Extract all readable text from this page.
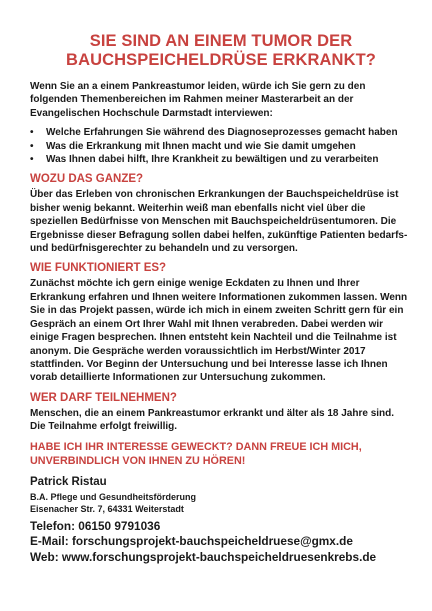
SIE SIND AN EINEM TUMOR DER
BAUCHSPEICHELDRÜSE ERKRANKT?

Wenn Sie an a einem Pankreastumor leiden, würde ich Sie gern zu den folgenden Themenbereichen im Rahmen meiner Masterarbeit an der Evangelischen Hochschule Darmstadt interviewen:

• Welche Erfahrungen Sie während des Diagnoseprozesses gemacht haben
• Was die Erkrankung mit Ihnen macht und wie Sie damit umgehen
• Was Ihnen dabei hilft, Ihre Krankheit zu bewältigen und zu verarbeiten
WOZU DAS GANZE?

Über das Erleben von chronischen Erkrankungen der Bauchspeicheldrüse ist bisher wenig bekannt. Weiterhin weiß man ebenfalls nicht viel über die speziellen Bedürfnisse von Menschen mit Bauchspeicheldrüsentumoren. Die Ergebnisse dieser Befragung sollen dabei helfen, zukünftige Patienten bedarfs- und bedürfnisgerechter zu behandeln und zu versorgen.

WIE FUNKTIONIERT ES?

Zunächst möchte ich gern einige wenige Eckdaten zu Ihnen und Ihrer Erkrankung erfahren und Ihnen weitere Informationen zukommen lassen. Wenn Sie in das Projekt passen, würde ich mich in einem zweiten Schritt gern für ein Gespräch an einem Ort Ihrer Wahl mit Ihnen verabreden. Dabei werden wir einige Fragen besprechen. Ihnen entsteht kein Nachteil und die Teilnahme ist anonym. Die Gespräche werden voraussichtlich im Herbst/Winter 2017 stattfinden. Vor Beginn der Untersuchung und bei Interesse lasse ich Ihnen vorab detaillierte Informationen zur Untersuchung zukommen.

WER DARF TEILNEHMEN?

Menschen, die an einem Pankreastumor erkrankt und älter als 18 Jahre sind. Die Teilnahme erfolgt freiwillig.

HABE ICH IHR INTERESSE GEWECKT? DANN FREUE ICH MICH, UNVERBINDLICH VON IHNEN ZU HÖREN!
Patrick Ristau
B.A. Pflege und Gesundheitsförderung
Eisenacher Str. 7, 64331 Weiterstadt
Telefon: 06150 9791036
E-Mail: forschungsprojekt-bauchspeicheldruese@gmx.de
Web: www.forschungsprojekt-bauchspeicheldruesenkrebs.de
